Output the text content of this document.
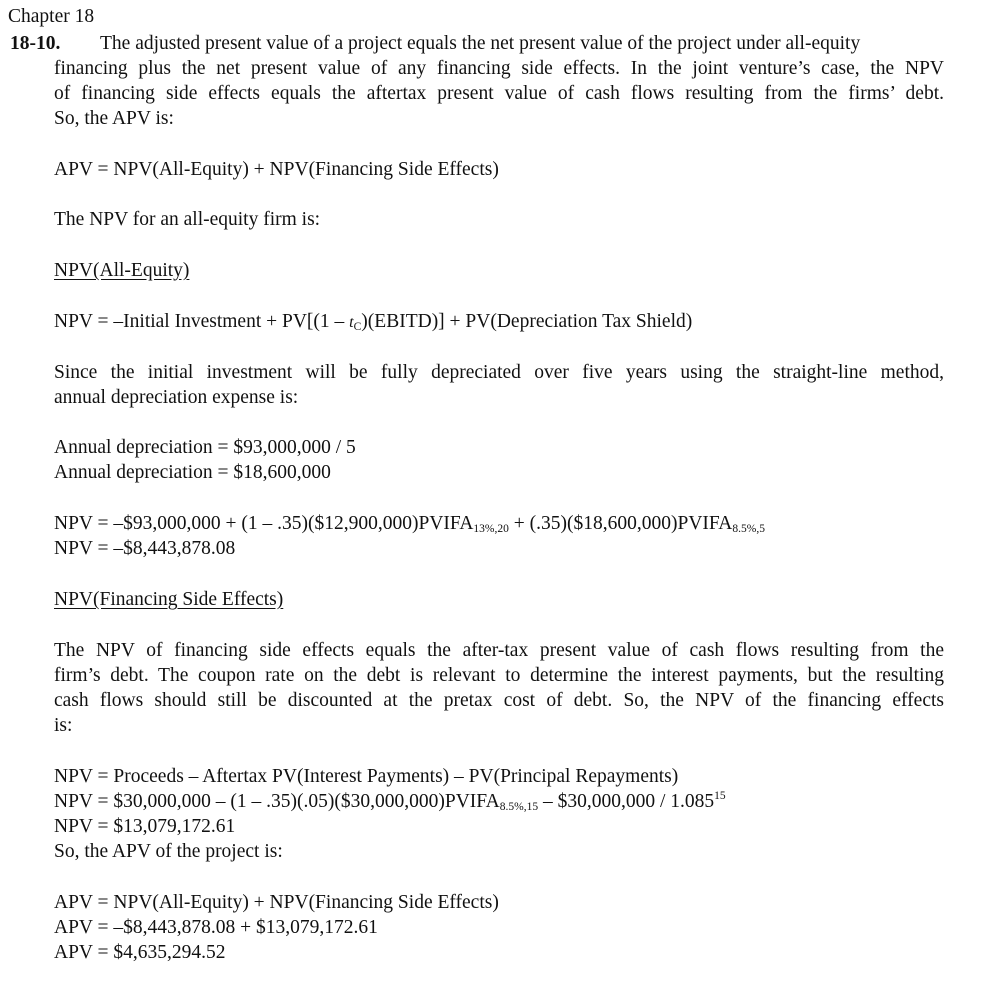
Chapter 18
18-10. The adjusted present value of a project equals the net present value of the project under all-equity
financing plus the net present value of any financing side effects. In the joint venture’s case, the NPV
of financing side effects equals the aftertax present value of cash flows resulting from the firms’ debt.
So, the APV is:
APV = NPV(All-Equity) + NPV(Financing Side Effects)
The NPV for an all-equity firm is:
NPV(All-Equity)
NPV = –Initial Investment + PV[(1 – tC)(EBITD)] + PV(Depreciation Tax Shield)
Since the initial investment will be fully depreciated over five years using the straight-line method,
annual depreciation expense is:
Annual depreciation = $93,000,000 / 5
Annual depreciation = $18,600,000
NPV = –$93,000,000 + (1 – .35)($12,900,000)PVIFA13%,20 + (.35)($18,600,000)PVIFA8.5%,5
NPV = –$8,443,878.08
NPV(Financing Side Effects)
The NPV of financing side effects equals the after-tax present value of cash flows resulting from the
firm’s debt. The coupon rate on the debt is relevant to determine the interest payments, but the resulting
cash flows should still be discounted at the pretax cost of debt. So, the NPV of the financing effects
is:
NPV = Proceeds – Aftertax PV(Interest Payments) – PV(Principal Repayments)
NPV = $30,000,000 – (1 – .35)(.05)($30,000,000)PVIFA8.5%,15 – $30,000,000 / 1.085$^{15}$
NPV = $13,079,172.61
So, the APV of the project is:
APV = NPV(All-Equity) + NPV(Financing Side Effects)
APV = –$8,443,878.08 + $13,079,172.61
APV = $4,635,294.52
